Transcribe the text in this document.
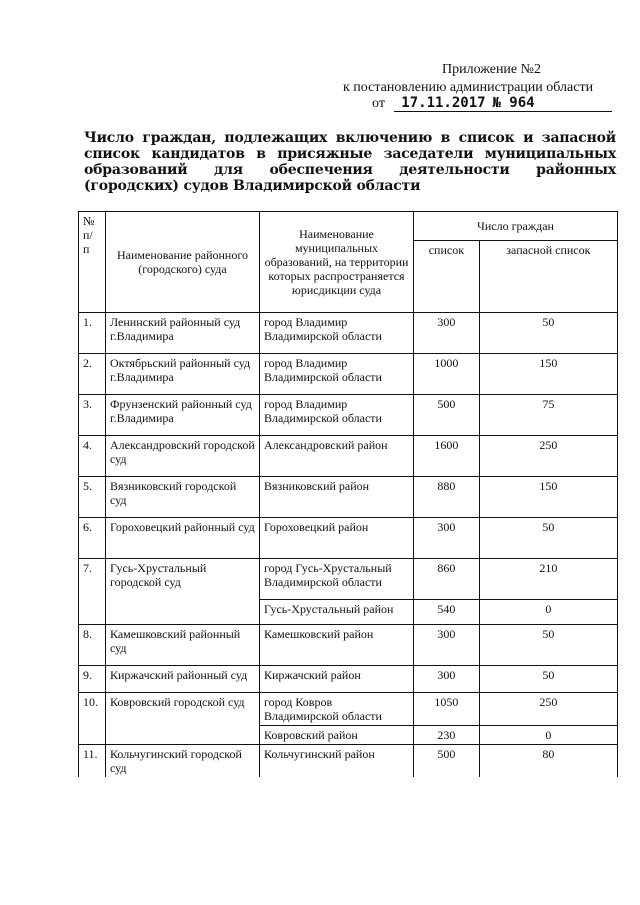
Приложение №2
к постановлению администрации области
от 17.11.2017 № 964
Число граждан, подлежащих включению в список и запасной список кандидатов в присяжные заседатели муниципальных образований для обеспечения деятельности районных (городских) судов Владимирской области
№ п/ п	Наименование районного (городского) суда	Наименование муниципальных образований, на территории которых распространяется юрисдикции суда	Число граждан	
			список	запасной список
1.	Ленинский районный суд г.Владимира	город Владимир Владимирской области	300	50
2.	Октябрьский районный суд г.Владимира	город Владимир Владимирской области	1000	150
3.	Фрунзенский районный суд г.Владимира	город Владимир Владимирской области	500	75
4.	Александровский городской суд	Александровский район	1600	250
5.	Вязниковский городской суд	Вязниковский район	880	150
6.	Гороховецкий районный суд	Гороховецкий район	300	50
7.	Гусь-Хрустальный городской суд	город Гусь-Хрустальный Владимирской области	860	210
		Гусь-Хрустальный район	540	0
8.	Камешковский районный суд	Камешковский район	300	50
9.	Киржачский районный суд	Киржачский район	300	50
10.	Ковровский городской суд	город Ковров Владимирской области	1050	250
		Ковровский район	230	0
11.	Кольчугинский городской суд	Кольчугинский район	500	80
